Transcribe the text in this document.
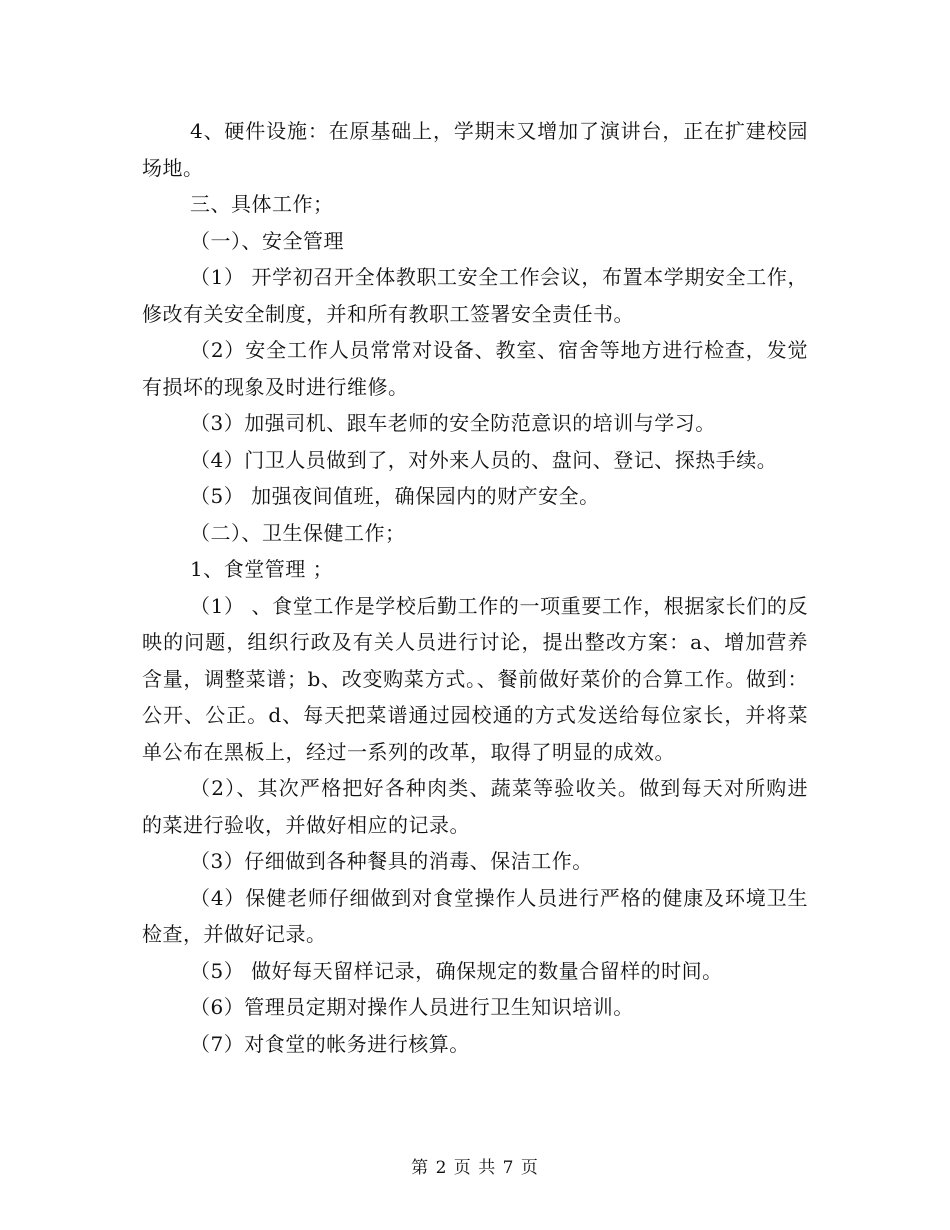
4、硬件设施：在原基础上，学期末又增加了演讲台，正在扩建校园场地。

三、具体工作；

（一）、安全管理

（1） 开学初召开全体教职工安全工作会议，布置本学期安全工作，修改有关安全制度，并和所有教职工签署安全责任书。

（2）安全工作人员常常对设备、教室、宿舍等地方进行检查，发觉有损坏的现象及时进行维修。

（3）加强司机、跟车老师的安全防范意识的培训与学习。

（4）门卫人员做到了，对外来人员的、盘问、登记、探热手续。

（5） 加强夜间值班，确保园内的财产安全。

（二）、卫生保健工作；

1、食堂管理 ；

（1） 、食堂工作是学校后勤工作的一项重要工作，根据家长们的反映的问题，组织行政及有关人员进行讨论，提出整改方案：a、增加营养含量，调整菜谱；b、改变购菜方式。、餐前做好菜价的合算工作。做到：公开、公正。d、每天把菜谱通过园校通的方式发送给每位家长，并将菜单公布在黑板上，经过一系列的改革，取得了明显的成效。

（2）、其次严格把好各种肉类、蔬菜等验收关。做到每天对所购进的菜进行验收，并做好相应的记录。

（3）仔细做到各种餐具的消毒、保洁工作。

（4）保健老师仔细做到对食堂操作人员进行严格的健康及环境卫生检查，并做好记录。

（5） 做好每天留样记录，确保规定的数量合留样的时间。

（6）管理员定期对操作人员进行卫生知识培训。

（7）对食堂的帐务进行核算。

第 2 页 共 7 页
